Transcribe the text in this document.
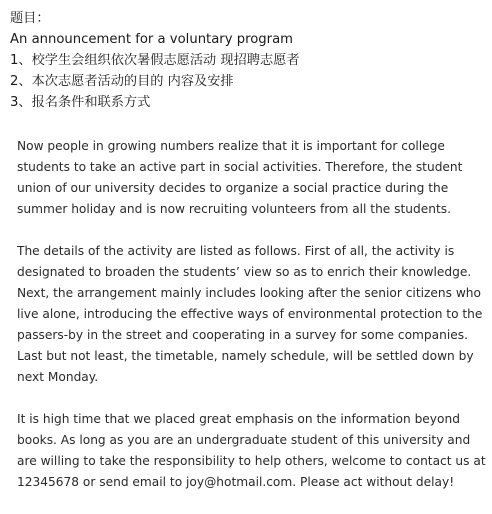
题目：
An announcement for a voluntary program
1、校学生会组织依次暑假志愿活动 现招聘志愿者
2、本次志愿者活动的目的 内容及安排
3、报名条件和联系方式

Now people in growing numbers realize that it is important for college students to take an active part in social activities. Therefore, the student union of our university decides to organize a social practice during the summer holiday and is now recruiting volunteers from all the students.

The details of the activity are listed as follows. First of all, the activity is designated to broaden the students’ view so as to enrich their knowledge. Next, the arrangement mainly includes looking after the senior citizens who live alone, introducing the effective ways of environmental protection to the passers-by in the street and cooperating in a survey for some companies. Last but not least, the timetable, namely schedule, will be settled down by next Monday.

It is high time that we placed great emphasis on the information beyond books. As long as you are an undergraduate student of this university and are willing to take the responsibility to help others, welcome to contact us at 12345678 or send email to joy@hotmail.com. Please act without delay!
